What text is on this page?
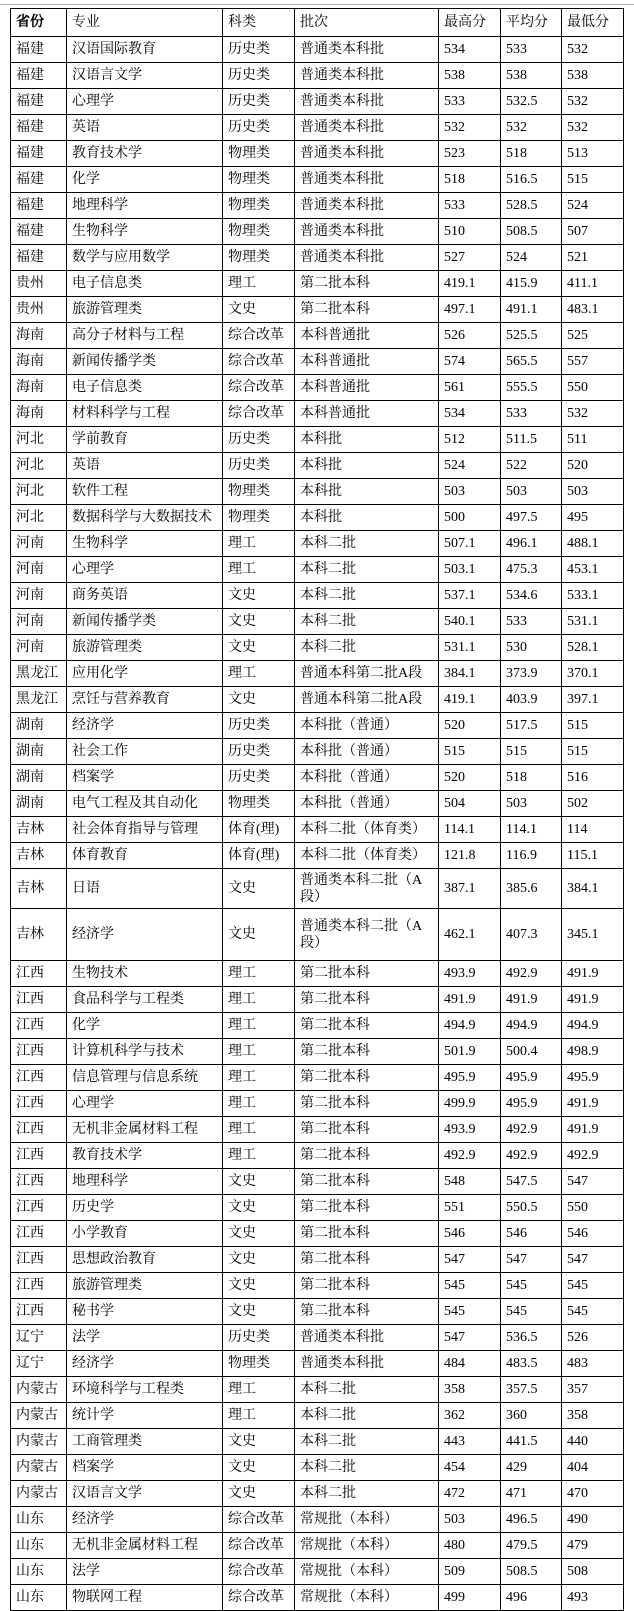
省份	专业	科类	批次	最高分	平均分	最低分
福建	汉语国际教育	历史类	普通类本科批	534	533	532
福建	汉语言文学	历史类	普通类本科批	538	538	538
福建	心理学	历史类	普通类本科批	533	532.5	532
福建	英语	历史类	普通类本科批	532	532	532
福建	教育技术学	物理类	普通类本科批	523	518	513
福建	化学	物理类	普通类本科批	518	516.5	515
福建	地理科学	物理类	普通类本科批	533	528.5	524
福建	生物科学	物理类	普通类本科批	510	508.5	507
福建	数学与应用数学	物理类	普通类本科批	527	524	521
贵州	电子信息类	理工	第二批本科	419.1	415.9	411.1
贵州	旅游管理类	文史	第二批本科	497.1	491.1	483.1
海南	高分子材料与工程	综合改革	本科普通批	526	525.5	525
海南	新闻传播学类	综合改革	本科普通批	574	565.5	557
海南	电子信息类	综合改革	本科普通批	561	555.5	550
海南	材料科学与工程	综合改革	本科普通批	534	533	532
河北	学前教育	历史类	本科批	512	511.5	511
河北	英语	历史类	本科批	524	522	520
河北	软件工程	物理类	本科批	503	503	503
河北	数据科学与大数据技术	物理类	本科批	500	497.5	495
河南	生物科学	理工	本科二批	507.1	496.1	488.1
河南	心理学	理工	本科二批	503.1	475.3	453.1
河南	商务英语	文史	本科二批	537.1	534.6	533.1
河南	新闻传播学类	文史	本科二批	540.1	533	531.1
河南	旅游管理类	文史	本科二批	531.1	530	528.1
黑龙江	应用化学	理工	普通本科第二批A段	384.1	373.9	370.1
黑龙江	烹饪与营养教育	文史	普通本科第二批A段	419.1	403.9	397.1
湖南	经济学	历史类	本科批（普通）	520	517.5	515
湖南	社会工作	历史类	本科批（普通）	515	515	515
湖南	档案学	历史类	本科批（普通）	520	518	516
湖南	电气工程及其自动化	物理类	本科批（普通）	504	503	502
吉林	社会体育指导与管理	体育(理)	本科二批（体育类）	114.1	114.1	114
吉林	体育教育	体育(理)	本科二批（体育类）	121.8	116.9	115.1
吉林	日语	文史	普通类本科二批（A段）	387.1	385.6	384.1
吉林	经济学	文史	普通类本科二批（A段）	462.1	407.3	345.1
江西	生物技术	理工	第二批本科	493.9	492.9	491.9
江西	食品科学与工程类	理工	第二批本科	491.9	491.9	491.9
江西	化学	理工	第二批本科	494.9	494.9	494.9
江西	计算机科学与技术	理工	第二批本科	501.9	500.4	498.9
江西	信息管理与信息系统	理工	第二批本科	495.9	495.9	495.9
江西	心理学	理工	第二批本科	499.9	495.9	491.9
江西	无机非金属材料工程	理工	第二批本科	493.9	492.9	491.9
江西	教育技术学	理工	第二批本科	492.9	492.9	492.9
江西	地理科学	文史	第二批本科	548	547.5	547
江西	历史学	文史	第二批本科	551	550.5	550
江西	小学教育	文史	第二批本科	546	546	546
江西	思想政治教育	文史	第二批本科	547	547	547
江西	旅游管理类	文史	第二批本科	545	545	545
江西	秘书学	文史	第二批本科	545	545	545
辽宁	法学	历史类	普通类本科批	547	536.5	526
辽宁	经济学	物理类	普通类本科批	484	483.5	483
内蒙古	环境科学与工程类	理工	本科二批	358	357.5	357
内蒙古	统计学	理工	本科二批	362	360	358
内蒙古	工商管理类	文史	本科二批	443	441.5	440
内蒙古	档案学	文史	本科二批	454	429	404
内蒙古	汉语言文学	文史	本科二批	472	471	470
山东	经济学	综合改革	常规批（本科）	503	496.5	490
山东	无机非金属材料工程	综合改革	常规批（本科）	480	479.5	479
山东	法学	综合改革	常规批（本科）	509	508.5	508
山东	物联网工程	综合改革	常规批（本科）	499	496	493
